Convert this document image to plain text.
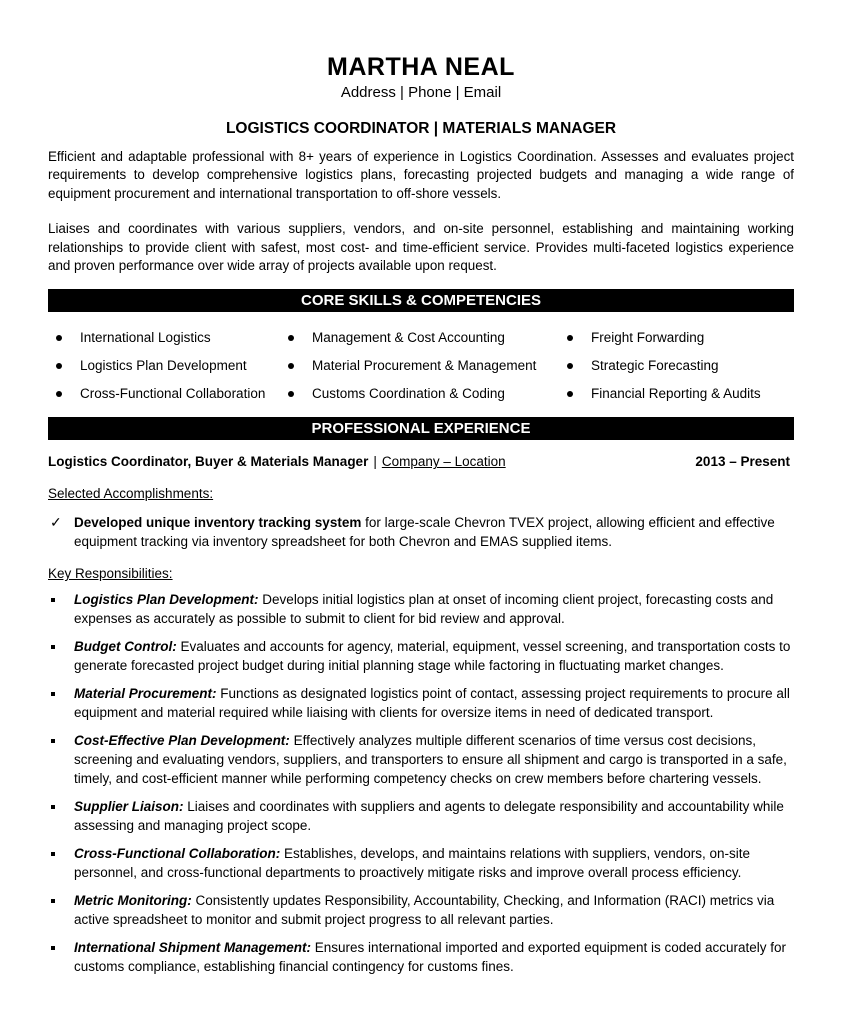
MARTHA NEAL
Address | Phone | Email
LOGISTICS COORDINATOR | MATERIALS MANAGER

Efficient and adaptable professional with 8+ years of experience in Logistics Coordination. Assesses and evaluates project requirements to develop comprehensive logistics plans, forecasting projected budgets and managing a wide range of equipment procurement and international transportation to off-shore vessels.

Liaises and coordinates with various suppliers, vendors, and on-site personnel, establishing and maintaining working relationships to provide client with safest, most cost- and time-efficient service. Provides multi-faceted logistics experience and proven performance over wide array of projects available upon request.

CORE SKILLS & COMPETENCIES
International Logistics	Management & Cost Accounting	Freight Forwarding
Logistics Plan Development	Material Procurement & Management	Strategic Forecasting
Cross-Functional Collaboration	Customs Coordination & Coding	Financial Reporting & Audits
PROFESSIONAL EXPERIENCE
Logistics Coordinator, Buyer & Materials Manager | Company – Location	2013 – Present
Selected Accomplishments:
✓ Developed unique inventory tracking system for large-scale Chevron TVEX project, allowing efficient and effective equipment tracking via inventory spreadsheet for both Chevron and EMAS supplied items.
Key Responsibilities:
Logistics Plan Development: Develops initial logistics plan at onset of incoming client project, forecasting costs and expenses as accurately as possible to submit to client for bid review and approval.
Budget Control: Evaluates and accounts for agency, material, equipment, vessel screening, and transportation costs to generate forecasted project budget during initial planning stage while factoring in fluctuating market changes.
Material Procurement: Functions as designated logistics point of contact, assessing project requirements to procure all equipment and material required while liaising with clients for oversize items in need of dedicated transport.
Cost-Effective Plan Development: Effectively analyzes multiple different scenarios of time versus cost decisions, screening and evaluating vendors, suppliers, and transporters to ensure all shipment and cargo is transported in a safe, timely, and cost-efficient manner while performing competency checks on crew members before chartering vessels.
Supplier Liaison: Liaises and coordinates with suppliers and agents to delegate responsibility and accountability while assessing and managing project scope.
Cross-Functional Collaboration: Establishes, develops, and maintains relations with suppliers, vendors, on-site personnel, and cross-functional departments to proactively mitigate risks and improve overall process efficiency.
Metric Monitoring: Consistently updates Responsibility, Accountability, Checking, and Information (RACI) metrics via active spreadsheet to monitor and submit project progress to all relevant parties.
International Shipment Management: Ensures international imported and exported equipment is coded accurately for customs compliance, establishing financial contingency for customs fines.
